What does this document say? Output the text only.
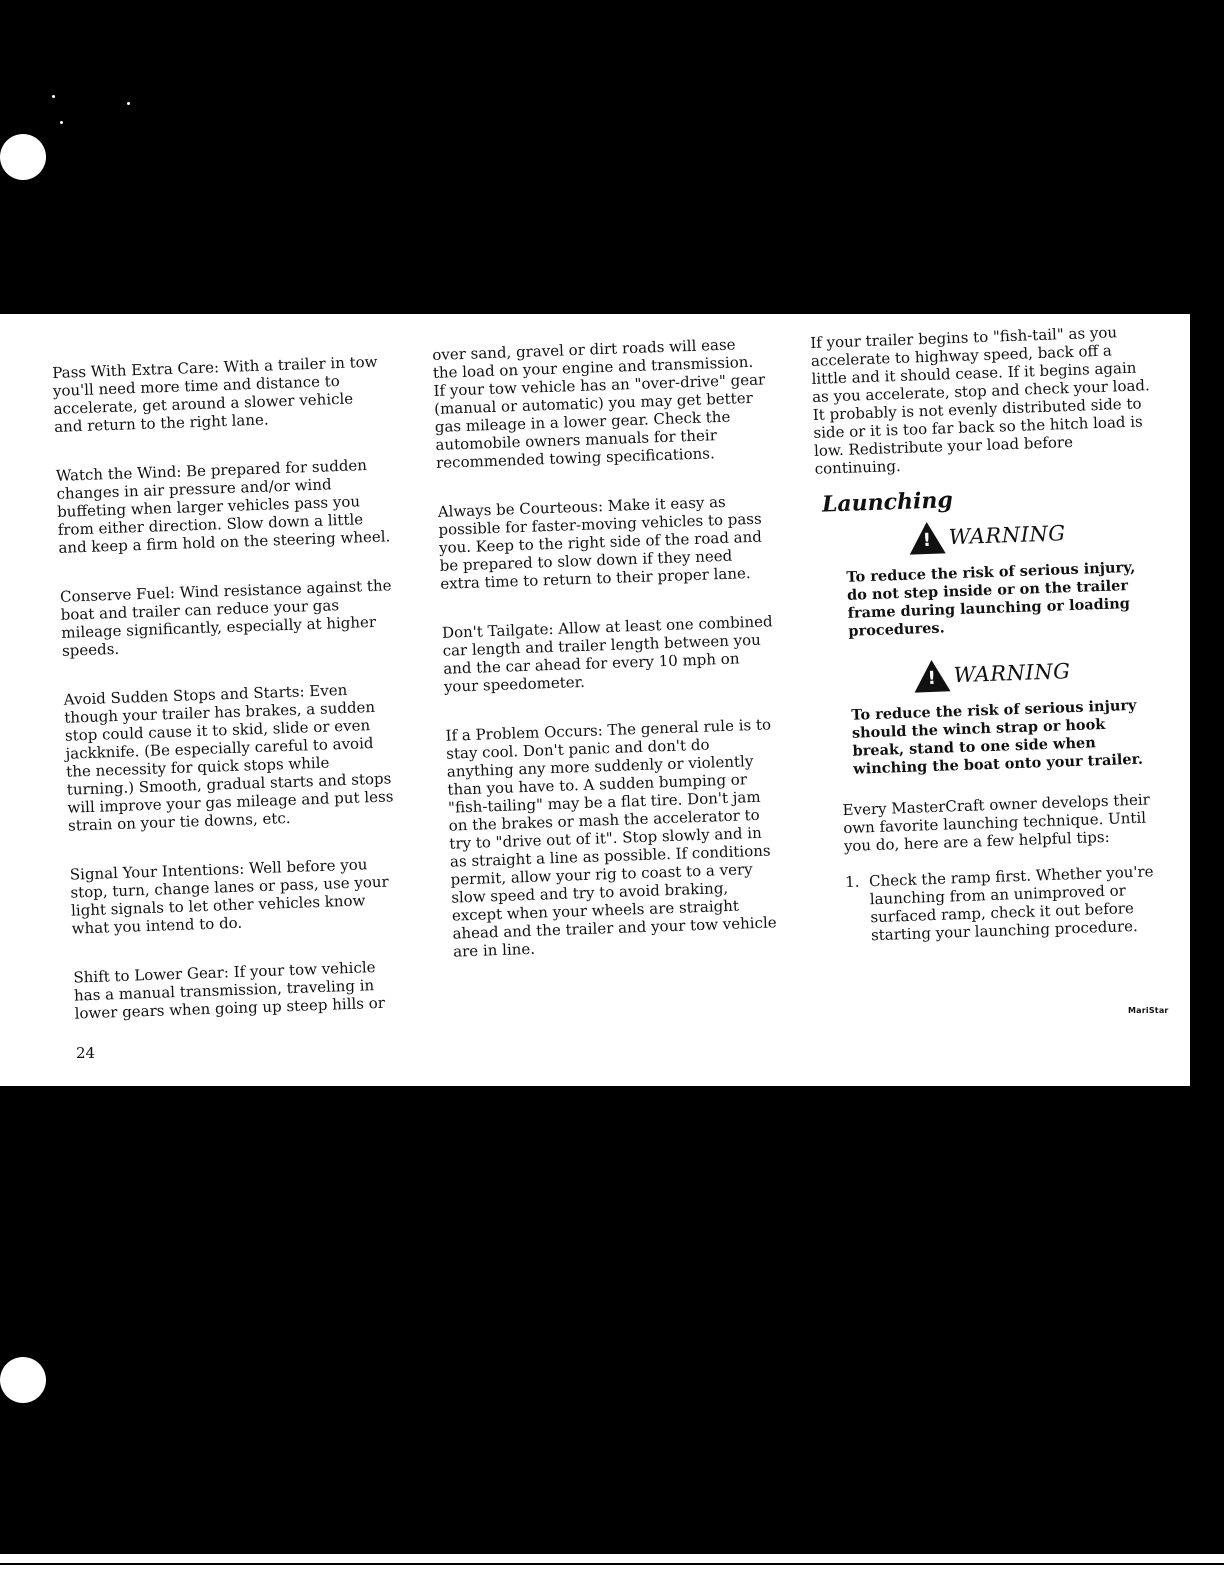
Pass With Extra Care: With a trailer in tow you'll need more time and distance to accelerate, get around a slower vehicle and return to the right lane.

Watch the Wind: Be prepared for sudden changes in air pressure and/or wind buffeting when larger vehicles pass you from either direction. Slow down a little and keep a firm hold on the steering wheel.

Conserve Fuel: Wind resistance against the boat and trailer can reduce your gas mileage significantly, especially at higher speeds.

Avoid Sudden Stops and Starts: Even though your trailer has brakes, a sudden stop could cause it to skid, slide or even jackknife. (Be especially careful to avoid the necessity for quick stops while turning.) Smooth, gradual starts and stops will improve your gas mileage and put less strain on your tie downs, etc.

Signal Your Intentions: Well before you stop, turn, change lanes or pass, use your light signals to let other vehicles know what you intend to do.

Shift to Lower Gear: If your tow vehicle has a manual transmission, traveling in lower gears when going up steep hills or

over sand, gravel or dirt roads will ease the load on your engine and transmission. If your tow vehicle has an "over-drive" gear (manual or automatic) you may get better gas mileage in a lower gear. Check the automobile owners manuals for their recommended towing specifications.

Always be Courteous: Make it easy as possible for faster-moving vehicles to pass you. Keep to the right side of the road and be prepared to slow down if they need extra time to return to their proper lane.

Don't Tailgate: Allow at least one combined car length and trailer length between you and the car ahead for every 10 mph on your speedometer.

If a Problem Occurs: The general rule is to stay cool. Don't panic and don't do anything any more suddenly or violently than you have to. A sudden bumping or "fish-tailing" may be a flat tire. Don't jam on the brakes or mash the accelerator to try to "drive out of it". Stop slowly and in as straight a line as possible. If conditions permit, allow your rig to coast to a very slow speed and try to avoid braking, except when your wheels are straight ahead and the trailer and your tow vehicle are in line.

If your trailer begins to "fish-tail" as you accelerate to highway speed, back off a little and it should cease. If it begins again as you accelerate, stop and check your load. It probably is not evenly distributed side to side or it is too far back so the hitch load is low. Redistribute your load before continuing.

Launching
! WARNING

To reduce the risk of serious injury, do not step inside or on the trailer frame during launching or loading procedures.

! WARNING

To reduce the risk of serious injury should the winch strap or hook break, stand to one side when winching the boat onto your trailer.

Every MasterCraft owner develops their own favorite launching technique. Until you do, here are a few helpful tips:

1. Check the ramp first. Whether you're launching from an unimproved or surfaced ramp, check it out before starting your launching procedure.
MariStar
24
